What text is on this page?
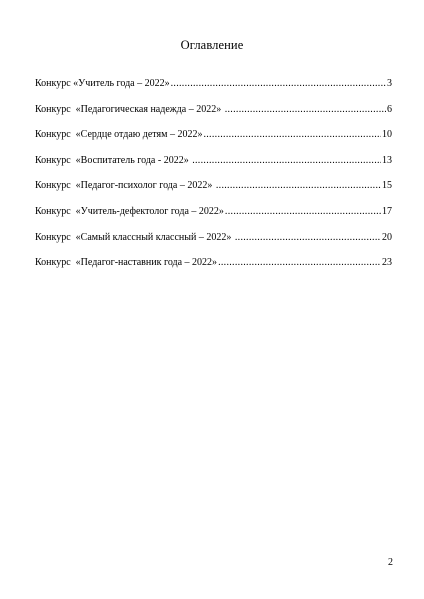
Оглавление
Конкурс «Учитель года – 2022» .....	3
Конкурс  «Педагогическая надежда – 2022» .....	6
Конкурс  «Сердце отдаю детям – 2022» .....	10
Конкурс  «Воспитатель года - 2022» .....	13
Конкурс  «Педагог-психолог года – 2022» .....	15
Конкурс  «Учитель-дефектолог года – 2022» .....	17
Конкурс  «Самый классный классный – 2022» .....	20
Конкурс  «Педагог-наставник года – 2022» .....	23
2
